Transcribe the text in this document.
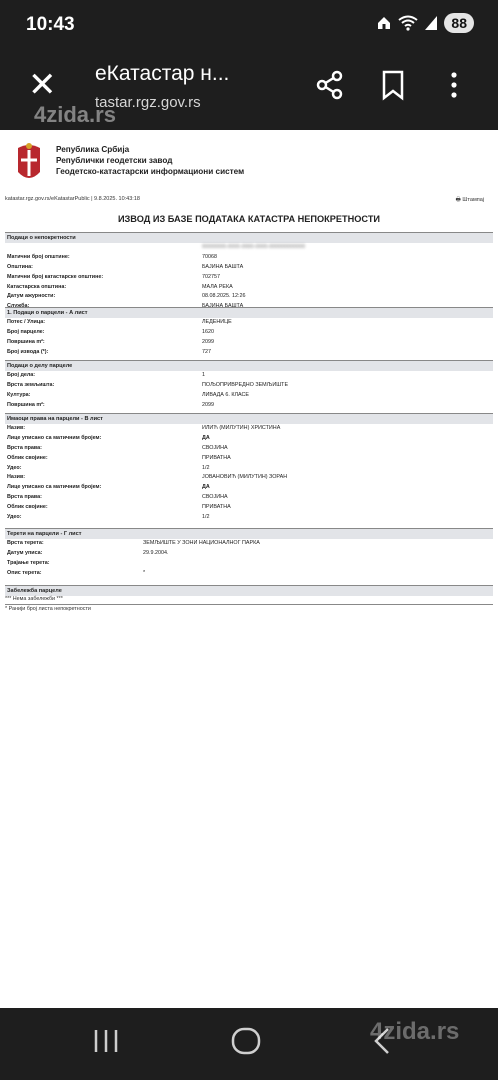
10:43	88
✕ eКатастар н...
tastar.rgz.gov.rs
4zida.rs
Република Србија
Републички геодетски завод
Геодетско-катастарски информациони систем
katastar.rgz.gov.rs/eKatastarPublic | 9.8.2025. 10:43:18	🖶 Штампај
ИЗВОД ИЗ БАЗЕ ПОДАТАКА КАТАСТРА НЕПОКРЕТНОСТИ
Подаци о непокретности
00000000-0000-0000-0000-000000000000
Матични број општине:	70068
Општина:	БАЈИНА БАШТА
Матични број катастарске општине:	702757
Катастарска општина:	МАЛА РЕКА
Датум ажурности:	08.08.2025. 12:26
1. Подаци о парцели - А лист
Потес / Улица:	ЛЕДЕНИЦЕ
Број парцеле:	1620
Површина m²:	2099
Број извода (*):	727
Подаци о делу парцеле
Број дела:	1
Врста земљишта:	ПОЉОПРИВРЕДНО ЗЕМЉИШТЕ
Култура:	ЛИВАДА 6. КЛАСЕ
Површина m²:	2099
Имаоци права на парцели - В лист
Назив:	ИЛИЋ (МИЛУТИН) ХРИСТИНА
Лице уписано са матичним бројем:	ДА
Врста права:	СВОЈИНА
Облик својине:	ПРИВАТНА
Удео:	1/2
Назив:	ЈОВАНОВИЋ (МИЛУТИН) ЗОРАН
Лице уписано са матичним бројем:	ДА
Врста права:	СВОЈИНА
Облик својине:	ПРИВАТНА
Удео:	1/2
Терети на парцели - Г лист
Врста терета:	ЗЕМЉИШТЕ У ЗОНИ НАЦИОНАЛНОГ ПАРКА
Датум уписа:	29.9.2004.
Трајање терета:
Опис терета:	*
Забележба парцеле
*** Нема забележби ***
* Ранији број листа непокретности
4zida.rs
